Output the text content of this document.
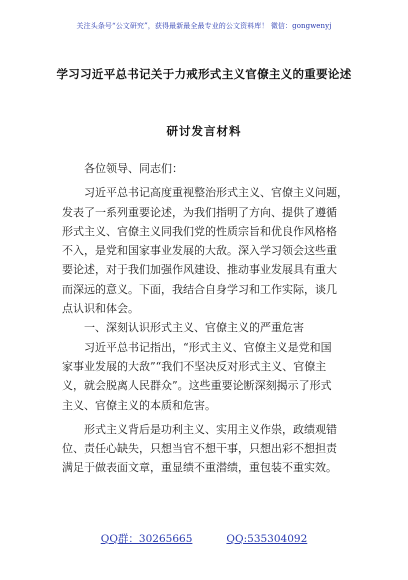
关注头条号“公文研究”，获得最新最全最专业的公文资料库！ 微信：gongwenyj
学习习近平总书记关于力戒形式主义官僚主义的重要论述
研讨发言材料
各位领导、同志们：
习近平总书记高度重视整治形式主义、官僚主义问题，
发表了一系列重要论述，为我们指明了方向、提供了遵循
形式主义、官僚主义同我们党的性质宗旨和优良作风格格
不入，是党和国家事业发展的大敌。深入学习领会这些重
要论述，对于我们加强作风建设、推动事业发展具有重大
而深远的意义。下面，我结合自身学习和工作实际，谈几
点认识和体会。
一、深刻认识形式主义、官僚主义的严重危害
习近平总书记指出，“形式主义、官僚主义是党和国
家事业发展的大敌”“我们不坚决反对形式主义、官僚主
义，就会脱离人民群众”。这些重要论断深刻揭示了形式
主义、官僚主义的本质和危害。
形式主义背后是功利主义、实用主义作祟，政绩观错
位、责任心缺失，只想当官不想干事，只想出彩不想担责
满足于做表面文章，重显绩不重潜绩，重包装不重实效。
QQ群：30265665	QQ:535304092
